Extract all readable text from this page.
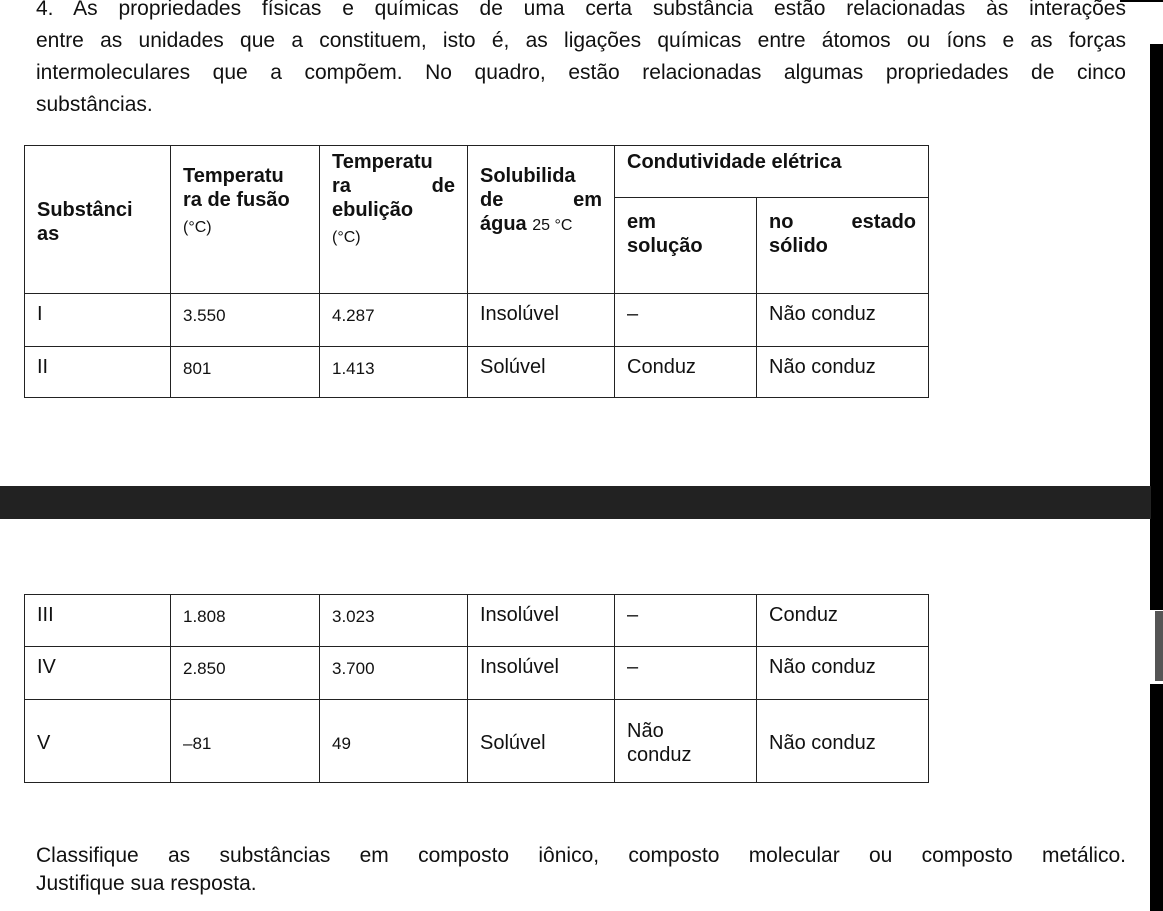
4. As propriedades físicas e químicas de uma certa substância estão relacionadas às interações
entre as unidades que a constituem, isto é, as ligações químicas entre átomos ou íons e as forças
intermoleculares que a compõem. No quadro, estão relacionadas algumas propriedades de cinco
substâncias.
Substânci
as	Temperatu
ra de fusão
(°C)	Temperatu
ra de
ebulição
(°C)	Solubilida
de em
água 25 °C	Condutividade elétrica	

				em
solução	no estado
sólido

I	3.550	4.287	Insolúvel	–	Não conduz
II	801	1.413	Solúvel	Conduz	Não conduz
III	1.808	3.023	Insolúvel	–	Conduz
IV	2.850	3.700	Insolúvel	–	Não conduz
V	–81	49	Solúvel	Não conduz	Não conduz
Classifique as substâncias em composto iônico, composto molecular ou composto metálico.
Justifique sua resposta.
